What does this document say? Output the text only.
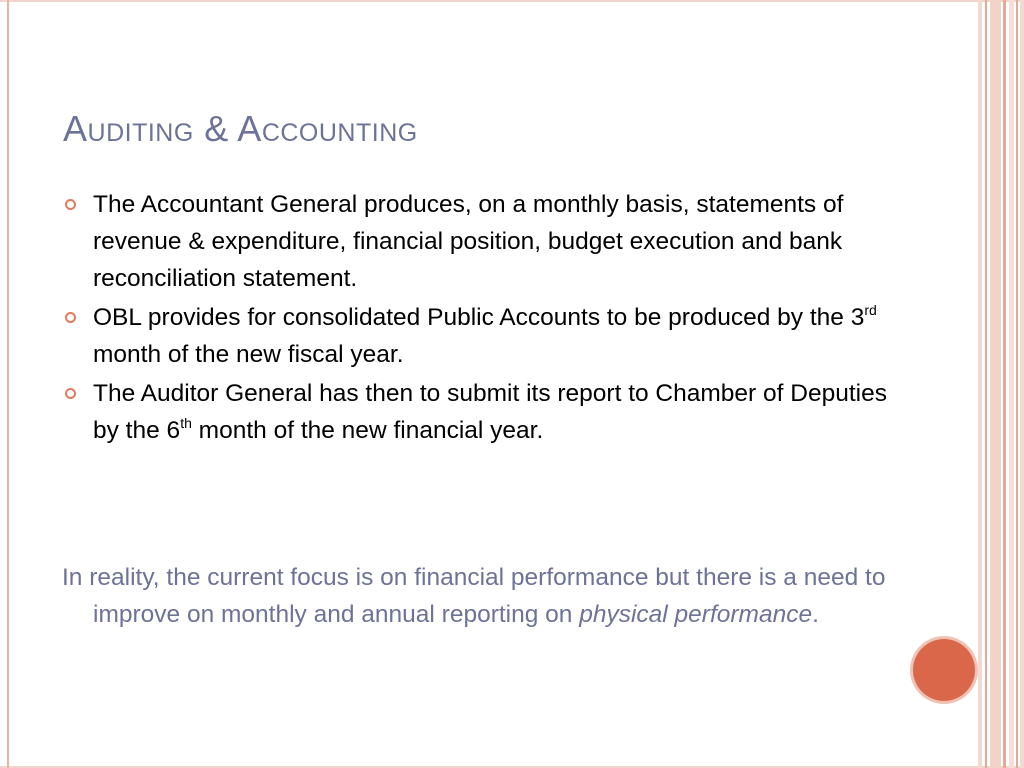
Auditing & Accounting
The Accountant General produces, on a monthly basis, statements of revenue & expenditure, financial position, budget execution and bank reconciliation statement.
OBL provides for consolidated Public Accounts to be produced by the 3rd month of the new fiscal year.
The Auditor General has then to submit its report to Chamber of Deputies by the 6th month of the new financial year.

In reality, the current focus is on financial performance but there is a need to improve on monthly and annual reporting on physical performance.
